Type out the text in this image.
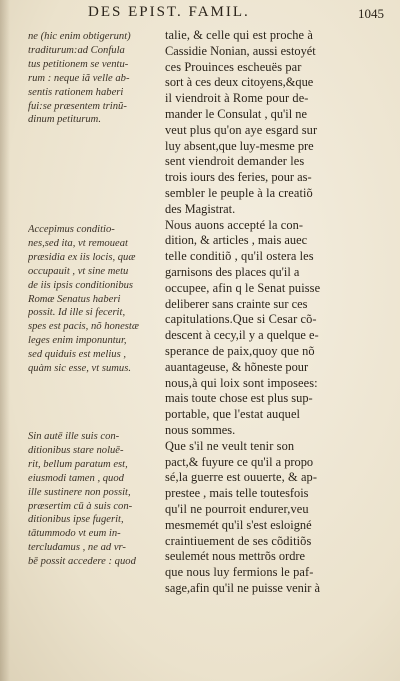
DES EPIST. FAMIL.	1045
ne (hic enim obtigerunt)
traditurum:ad Confula
tus petitionem se ventu-
rum : neque iã velle ab-
sentis rationem haberi
fui:se præsentem trinũ-
dinum petiturum.
Accepimus conditio-
nes,sed ita, vt remoueat
præsidia ex iis locis, quæ
occupauit , vt sine metu
de iis ipsis conditionibus
Romæ Senatus haberi
possit. Id ille si fecerit,
spes est pacis, nõ honestæ
leges enim imponuntur,
sed quiduis est melius ,
quàm sic esse, vt sumus.
Sin autē ille suis con-
ditionibus stare noluē-
rit, bellum paratum est,
eiusmodi tamen , quod
ille sustinere non possit,
præsertim cū à suis con-
ditionibus ipse fugerit,
tātummodo vt eum in-
tercludamus , ne ad vr-
bē possit accedere : quod
talie, & celle qui est proche à
Cassidie Nonian, aussi estoyét
ces Prouinces escheuës par
sort à ces deux citoyens,&que
il viendroit à Rome pour de-
mander le Consulat , qu'il ne
veut plus qu'on aye esgard sur
luy absent,que luy-mesme pre
sent viendroit demander les
trois iours des feries, pour as-
sembler le peuple à la creatiõ
des Magistrat.
Nous auons accepté la con-
dition, & articles , mais auec
telle conditiõ , qu'il ostera les
garnisons des places qu'il a
occupee, afin q le Senat puisse
deliberer sans crainte sur ces
capitulations.Que si Cesar cõ-
descent à cecy,il y a quelque e-
sperance de paix,quoy que nõ
auantageuse, & hõneste pour
nous,à qui loix sont imposees:
mais toute chose est plus sup-
portable, que l'estat auquel
nous sommes.
Que s'il ne veult tenir son
pact,& fuyure ce qu'il a propo
sé,la guerre est ouuerte, & ap-
prestee , mais telle toutesfois
qu'il ne pourroit endurer,veu
mesmemét qu'il s'est esloigné
craintiuement de ses cõditiõs
seulemét nous mettrõs ordre
que nous luy fermions le paf-
sage,afin qu'il ne puisse venir à
